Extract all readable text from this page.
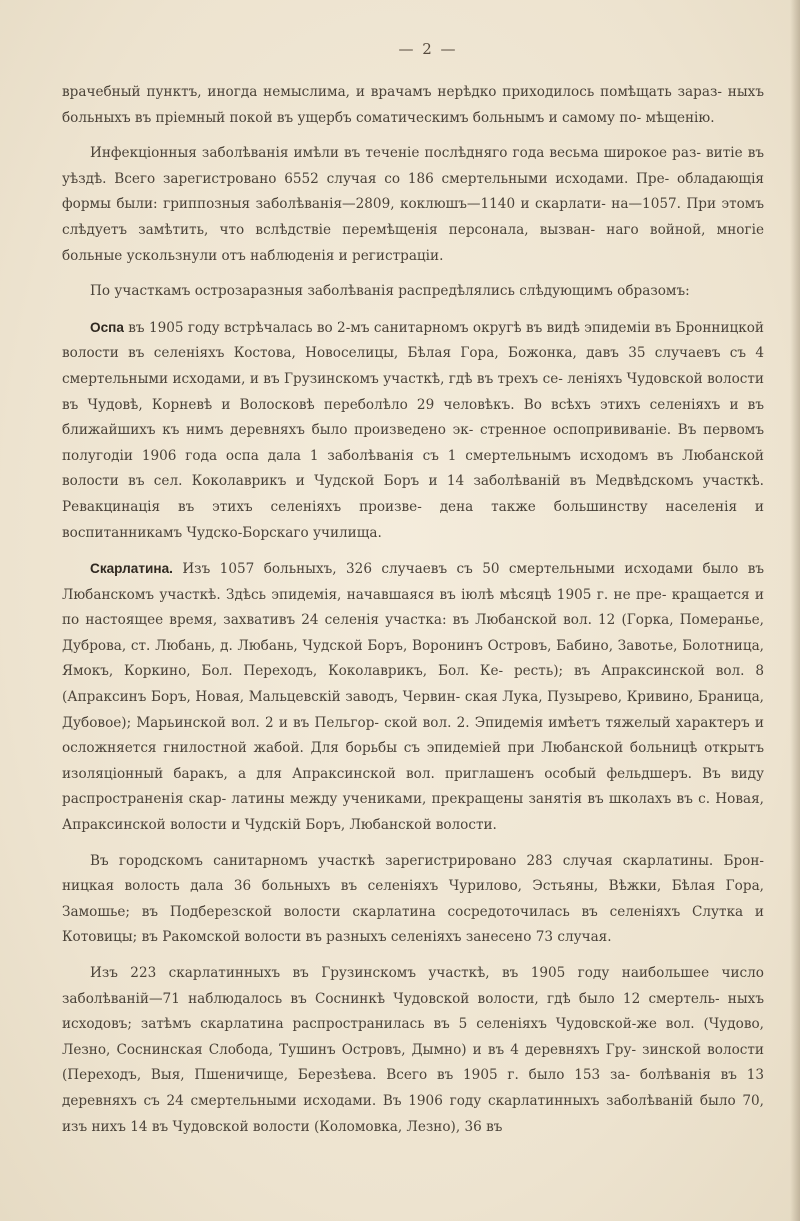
— 2 —

врачебный пунктъ, иногда немыслима, и врачамъ нерѣдко приходилось помѣщать зараз- ныхъ больныхъ въ пріемный покой въ ущербъ соматическимъ больнымъ и самому по- мѣщенію.

Инфекціонныя заболѣванія имѣли въ теченіе послѣдняго года весьма широкое раз- витіе въ уѣздѣ. Всего зарегистровано 6552 случая со 186 смертельными исходами. Пре- обладающія формы были: гриппозныя заболѣванія—2809, коклюшъ—1140 и скарлати- на—1057. При этомъ слѣдуетъ замѣтить, что вслѣдствіе перемѣщенія персонала, вызван- наго войной, многіе больные ускользнули отъ наблюденія и регистраціи.

По участкамъ острозаразныя заболѣванія распредѣлялись слѣдующимъ образомъ:

Оспа въ 1905 году встрѣчалась во 2-мъ санитарномъ округѣ въ видѣ эпидеміи въ Бронницкой волости въ селеніяхъ Костова, Новоселицы, Бѣлая Гора, Божонка, давъ 35 случаевъ съ 4 смертельными исходами, и въ Грузинскомъ участкѣ, гдѣ въ трехъ се- леніяхъ Чудовской волости въ Чудовѣ, Корневѣ и Волосковѣ переболѣло 29 человѣкъ. Во всѣхъ этихъ селеніяхъ и въ ближайшихъ къ нимъ деревняхъ было произведено эк- стренное оспопрививаніе. Въ первомъ полугодіи 1906 года оспа дала 1 заболѣванія съ 1 смертельнымъ исходомъ въ Любанской волости въ сел. Коколаврикъ и Чудской Боръ и 14 заболѣваній въ Медвѣдскомъ участкѣ. Ревакцинація въ этихъ селеніяхъ произве- дена также большинству населенія и воспитанникамъ Чудско-Борскаго училища.

Скарлатина. Изъ 1057 больныхъ, 326 случаевъ съ 50 смертельными исходами было въ Любанскомъ участкѣ. Здѣсь эпидемія, начавшаяся въ іюлѣ мѣсяцѣ 1905 г. не пре- кращается и по настоящее время, захвативъ 24 селенія участка: въ Любанской вол. 12 (Горка, Померанье, Дуброва, ст. Любань, д. Любань, Чудской Боръ, Воронинъ Островъ, Бабино, Завотье, Болотница, Ямокъ, Коркино, Бол. Переходъ, Коколаврикъ, Бол. Ке- ресть); въ Апраксинской вол. 8 (Апраксинъ Боръ, Новая, Мальцевскій заводъ, Червин- ская Лука, Пузырево, Кривино, Браница, Дубовое); Марьинской вол. 2 и въ Пельгор- ской вол. 2. Эпидемія имѣетъ тяжелый характеръ и осложняется гнилостной жабой. Для борьбы съ эпидеміей при Любанской больницѣ открытъ изоляціонный баракъ, а для Апраксинской вол. приглашенъ особый фельдшеръ. Въ виду распространенія скар- латины между учениками, прекращены занятія въ школахъ въ с. Новая, Апраксинской волости и Чудскій Боръ, Любанской волости.

Въ городскомъ санитарномъ участкѣ зарегистрировано 283 случая скарлатины. Брон- ницкая волость дала 36 больныхъ въ селеніяхъ Чурилово, Эстьяны, Вѣжки, Бѣлая Гора, Замошье; въ Подберезской волости скарлатина сосредоточилась въ селеніяхъ Слутка и Котовицы; въ Ракомской волости въ разныхъ селеніяхъ занесено 73 случая.

Изъ 223 скарлатинныхъ въ Грузинскомъ участкѣ, въ 1905 году наибольшее число заболѣваній—71 наблюдалось въ Соснинкѣ Чудовской волости, гдѣ было 12 смертель- ныхъ исходовъ; затѣмъ скарлатина распространилась въ 5 селеніяхъ Чудовской-же вол. (Чудово, Лезно, Соснинская Слобода, Тушинъ Островъ, Дымно) и въ 4 деревняхъ Гру- зинской волости (Переходъ, Выя, Пшеничище, Березѣева. Всего въ 1905 г. было 153 за- болѣванія въ 13 деревняхъ съ 24 смертельными исходами. Въ 1906 году скарлатинныхъ заболѣваній было 70, изъ нихъ 14 въ Чудовской волости (Коломовка, Лезно), 36 въ
